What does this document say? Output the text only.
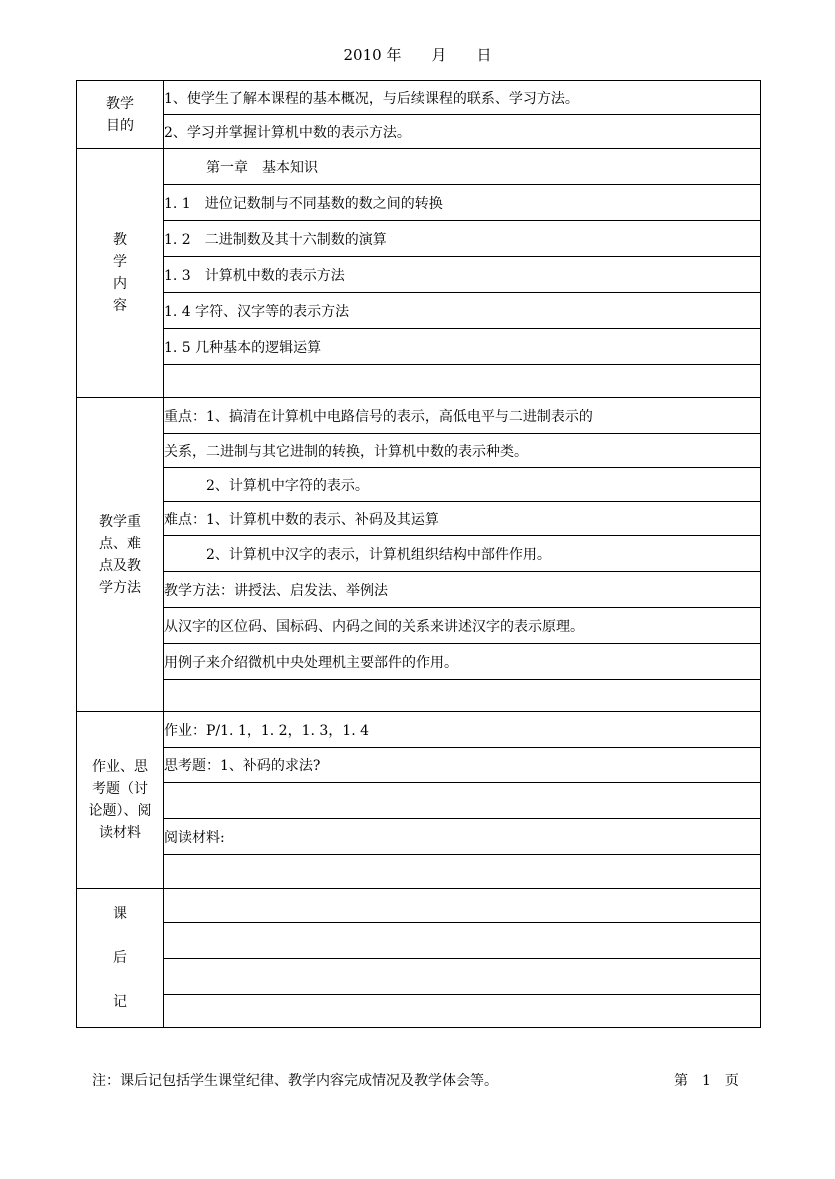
2010 年　　月　　日
教学
目的	1、使学生了解本课程的基本概况，与后续课程的联系、学习方法。
	2、学习并掌握计算机中数的表示方法。
教
学
内
容	　　　第一章　基本知识
	1. 1　进位记数制与不同基数的数之间的转换
	1. 2　二进制数及其十六制数的演算
	1. 3　计算机中数的表示方法
	1. 4 字符、汉字等的表示方法
	1. 5 几种基本的逻辑运算

教学重
点、难
点及教
学方法	重点：1、搞清在计算机中电路信号的表示，高低电平与二进制表示的
	关系，二进制与其它进制的转换，计算机中数的表示种类。
	　　　2、计算机中字符的表示。
	难点：1、计算机中数的表示、补码及其运算
	　　　2、计算机中汉字的表示，计算机组织结构中部件作用。
	教学方法：讲授法、启发法、举例法
	从汉字的区位码、国标码、内码之间的关系来讲述汉字的表示原理。
	用例子来介绍微机中央处理机主要部件的作用。

作业、思
考题（讨
论题）、阅
读材料	作业：P/1. 1，1. 2，1. 3，1. 4
	思考题：1、补码的求法?

	阅读材料:

课

后

记	

注：课后记包括学生课堂纪律、教学内容完成情况及教学体会等。	第　1　页
